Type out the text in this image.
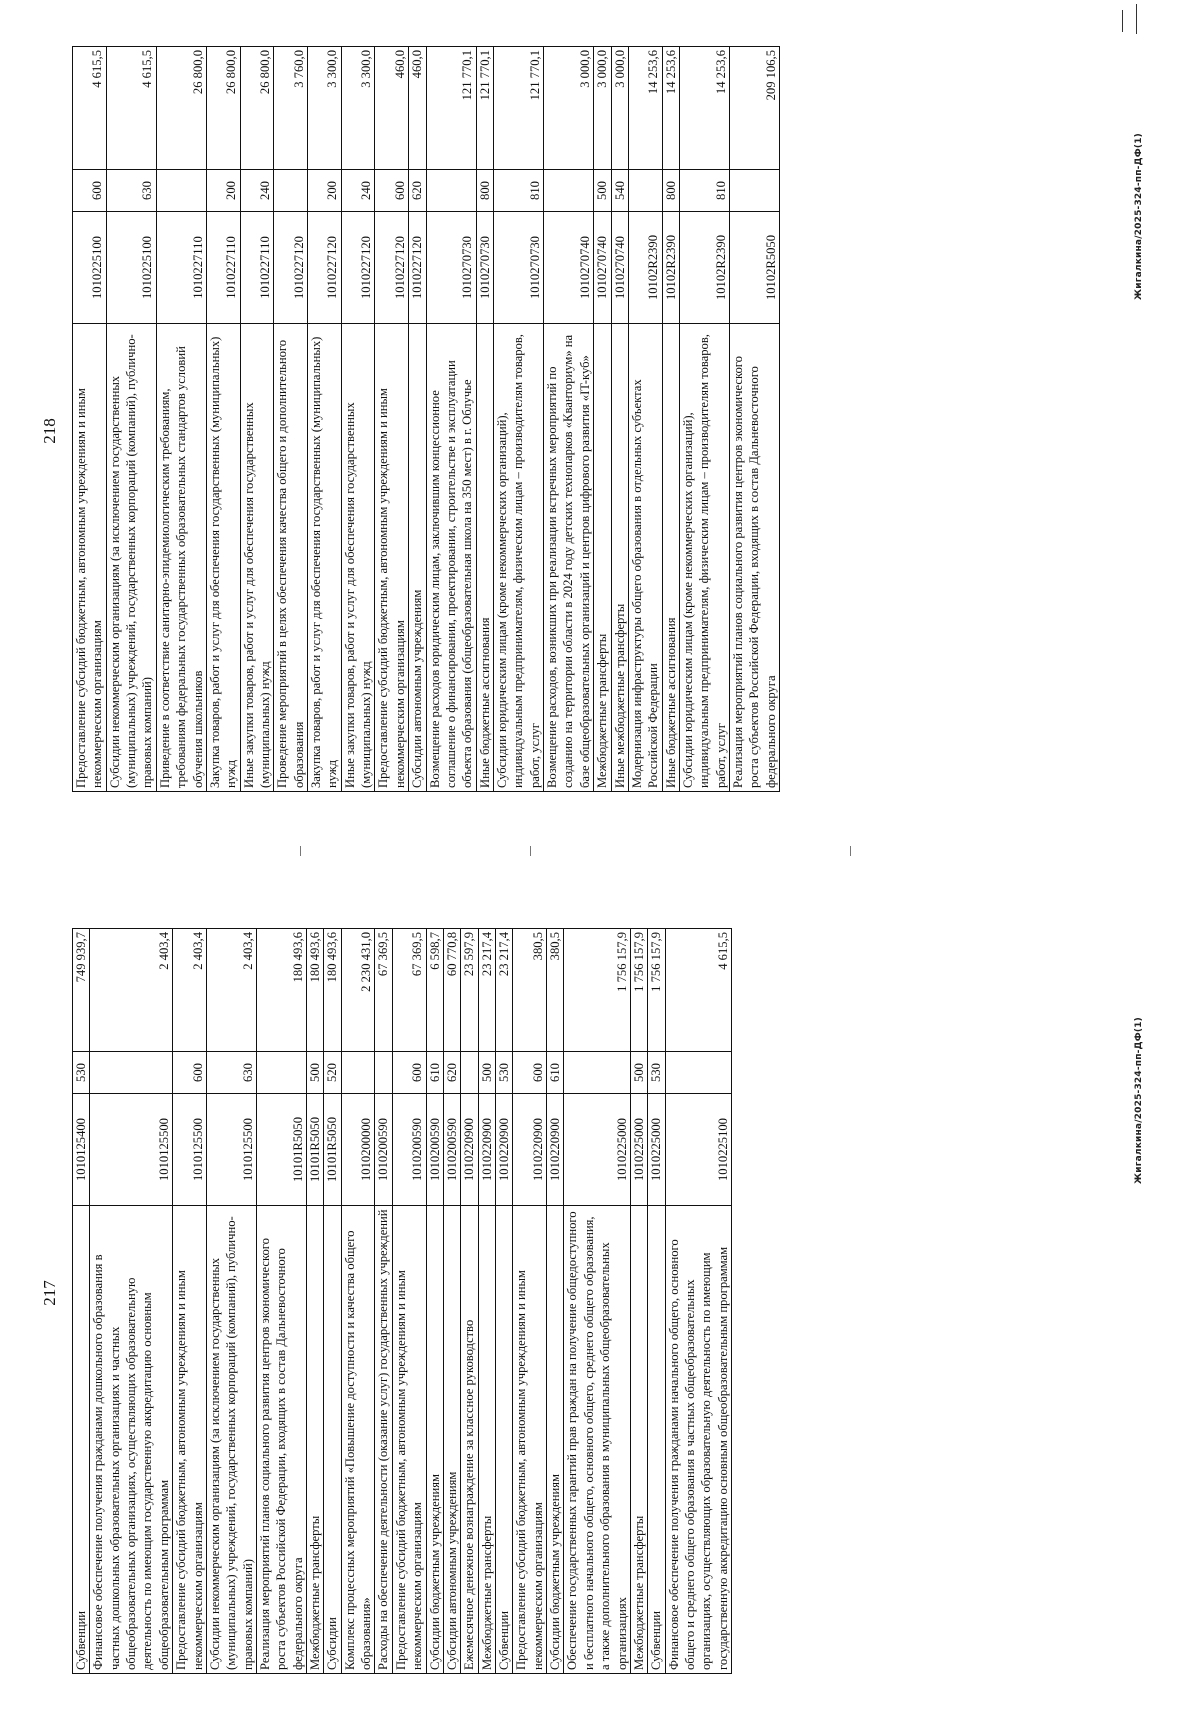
217
Субвенции	1010125400	530	749 939,7
Финансовое обеспечение получения гражданами дошкольного образования в частных дошкольных образовательных организациях и частных общеобразовательных организациях, осуществляющих образовательную деятельность по имеющим государственную аккредитацию основным общеобразовательным программам	1010125500		2 403,4
Предоставление субсидий бюджетным, автономным учреждениям и иным некоммерческим организациям	1010125500	600	2 403,4
Субсидии некоммерческим организациям (за исключением государственных (муниципальных) учреждений, государственных корпораций (компаний), публично-правовых компаний)	1010125500	630	2 403,4
Реализация мероприятий планов социального развития центров экономического роста субъектов Российской Федерации, входящих в состав Дальневосточного федерального округа	10101R5050		180 493,6
Межбюджетные трансферты	10101R5050	500	180 493,6
Субсидии	10101R5050	520	180 493,6
Комплекс процессных мероприятий «Повышение доступности и качества общего образования»	1010200000		2 230 431,0
Расходы на обеспечение деятельности (оказание услуг) государственных учреждений	1010200590		67 369,5
Предоставление субсидий бюджетным, автономным учреждениям и иным некоммерческим организациям	1010200590	600	67 369,5
Субсидии бюджетным учреждениям	1010200590	610	6 598,7
Субсидии автономным учреждениям	1010200590	620	60 770,8
Ежемесячное денежное вознаграждение за классное руководство	1010220900		23 597,9
Межбюджетные трансферты	1010220900	500	23 217,4
Субвенции	1010220900	530	23 217,4
Предоставление субсидий бюджетным, автономным учреждениям и иным некоммерческим организациям	1010220900	600	380,5
Субсидии бюджетным учреждениям	1010220900	610	380,5
Обеспечение государственных гарантий прав граждан на получение общедоступного и бесплатного начального общего, основного общего, среднего общего образования, а также дополнительного образования в муниципальных общеобразовательных организациях	1010225000		1 756 157,9
Межбюджетные трансферты	1010225000	500	1 756 157,9
Субвенции	1010225000	530	1 756 157,9
Финансовое обеспечение получения гражданами начального общего, основного общего и среднего общего образования в частных общеобразовательных организациях, осуществляющих образовательную деятельность по имеющим государственную аккредитацию основным общеобразовательным программам	1010225100		4 615,5
Жигалкина/2025-324-пп-ДФ(1)
218 Предоставление субсидий бюджетным, автономным учреждениям и иным некоммерческим организациям	1010225100	600	4 615,5
Субсидии некоммерческим организациям (за исключением государственных (муниципальных) учреждений, государственных корпораций (компаний), публично-правовых компаний)	1010225100	630	4 615,5
Приведение в соответствие санитарно-эпидемиологическим требованиям, требованиям федеральных государственных образовательных стандартов условий обучения школьников	1010227110		26 800,0
Закупка товаров, работ и услуг для обеспечения государственных (муниципальных) нужд	1010227110	200	26 800,0
Иные закупки товаров, работ и услуг для обеспечения государственных (муниципальных) нужд	1010227110	240	26 800,0
Проведение мероприятий в целях обеспечения качества общего и дополнительного образования	1010227120		3 760,0
Закупка товаров, работ и услуг для обеспечения государственных (муниципальных) нужд	1010227120	200	3 300,0
Иные закупки товаров, работ и услуг для обеспечения государственных (муниципальных) нужд	1010227120	240	3 300,0
Предоставление субсидий бюджетным, автономным учреждениям и иным некоммерческим организациям	1010227120	600	460,0
Субсидии автономным учреждениям	1010227120	620	460,0
Возмещение расходов юридическим лицам, заключившим концессионное соглашение о финансировании, проектировании, строительстве и эксплуатации объекта образования (общеобразовательная школа на 350 мест) в г. Облучье	1010270730		121 770,1
Иные бюджетные ассигнования	1010270730	800	121 770,1
Субсидии юридическим лицам (кроме некоммерческих организаций), индивидуальным предпринимателям, физическим лицам – производителям товаров, работ, услуг	1010270730	810	121 770,1
Возмещение расходов, возникших при реализации встречных мероприятий по созданию на территории области в 2024 году детских технопарков «Кванториум» на базе общеобразовательных организаций и центров цифрового развития «IT-куб»	1010270740		3 000,0
Межбюджетные трансферты	1010270740	500	3 000,0
Иные межбюджетные трансферты	1010270740	540	3 000,0
Модернизация инфраструктуры общего образования в отдельных субъектах Российской Федерации	10102R2390		14 253,6
Иные бюджетные ассигнования	10102R2390	800	14 253,6
Субсидии юридическим лицам (кроме некоммерческих организаций), индивидуальным предпринимателям, физическим лицам – производителям товаров, работ, услуг	10102R2390	810	14 253,6
Реализация мероприятий планов социального развития центров экономического роста субъектов Российской Федерации, входящих в состав Дальневосточного федерального округа	10102R5050		209 106,5
Жигалкина/2025-324-пп-ДФ(1)
